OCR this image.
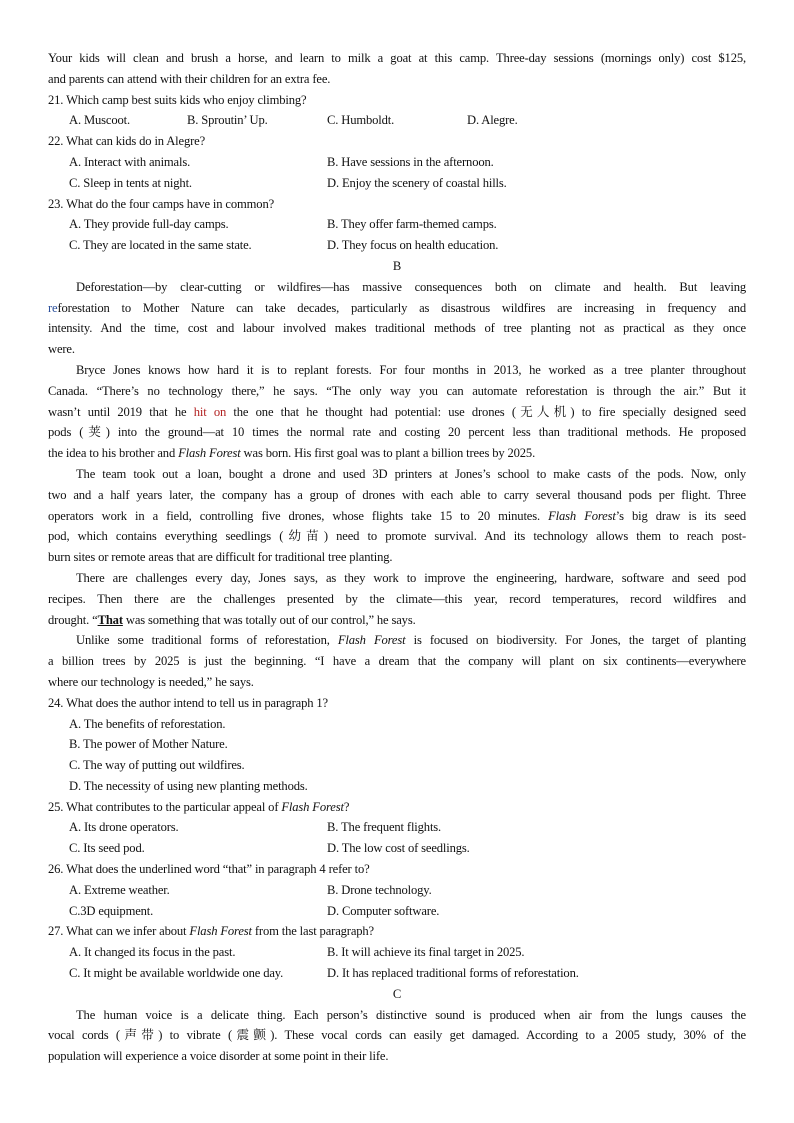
Your kids will clean and brush a horse, and learn to milk a goat at this camp. Three-day sessions (mornings only) cost $125,
and parents can attend with their children for an extra fee.
21. Which camp best suits kids who enjoy climbing?
A. Muscoot.	B. Sproutin’ Up.	C. Humboldt.	D. Alegre.
22. What can kids do in Alegre?
A. Interact with animals.	B. Have sessions in the afternoon.
C. Sleep in tents at night.	D. Enjoy the scenery of coastal hills.
23. What do the four camps have in common?
A. They provide full-day camps.	B. They offer farm-themed camps.
C. They are located in the same state.	D. They focus on health education.
B
Deforestation—by clear-cutting or wildfires—has massive consequences both on climate and health. But leaving
reforestation to Mother Nature can take decades, particularly as disastrous wildfires are increasing in frequency and
intensity. And the time, cost and labour involved makes traditional methods of tree planting not as practical as they once
were.
Bryce Jones knows how hard it is to replant forests. For four months in 2013, he worked as a tree planter throughout
Canada. “There’s no technology there,” he says. “The only way you can automate reforestation is through the air.” But it
wasn’t until 2019 that he hit on the one that he thought had potential: use drones (无人机) to fire specially designed seed
pods (荚) into the ground—at 10 times the normal rate and costing 20 percent less than traditional methods. He proposed
the idea to his brother and Flash Forest was born. His first goal was to plant a billion trees by 2025.
The team took out a loan, bought a drone and used 3D printers at Jones’s school to make casts of the pods. Now, only
two and a half years later, the company has a group of drones with each able to carry several thousand pods per flight. Three
operators work in a field, controlling five drones, whose flights take 15 to 20 minutes. Flash Forest’s big draw is its seed
pod, which contains everything seedlings (幼苗) need to promote survival. And its technology allows them to reach post-
burn sites or remote areas that are difficult for traditional tree planting.
There are challenges every day, Jones says, as they work to improve the engineering, hardware, software and seed pod
recipes. Then there are the challenges presented by the climate—this year, record temperatures, record wildfires and
drought. “That was something that was totally out of our control,” he says.
Unlike some traditional forms of reforestation, Flash Forest is focused on biodiversity. For Jones, the target of planting
a billion trees by 2025 is just the beginning. “I have a dream that the company will plant on six continents—everywhere
where our technology is needed,” he says.
24. What does the author intend to tell us in paragraph 1?
A. The benefits of reforestation.
B. The power of Mother Nature.
C. The way of putting out wildfires.
D. The necessity of using new planting methods.
25. What contributes to the particular appeal of Flash Forest?
A. Its drone operators.	B. The frequent flights.
C. Its seed pod.	D. The low cost of seedlings.
26. What does the underlined word “that” in paragraph 4 refer to?
A. Extreme weather.	B. Drone technology.
C.3D equipment.	D. Computer software.
27. What can we infer about Flash Forest from the last paragraph?
A. It changed its focus in the past.	B. It will achieve its final target in 2025.
C. It might be available worldwide one day.	D. It has replaced traditional forms of reforestation.
C
The human voice is a delicate thing. Each person’s distinctive sound is produced when air from the lungs causes the
vocal cords (声带) to vibrate (震颤). These vocal cords can easily get damaged. According to a 2005 study, 30% of the
population will experience a voice disorder at some point in their life.
